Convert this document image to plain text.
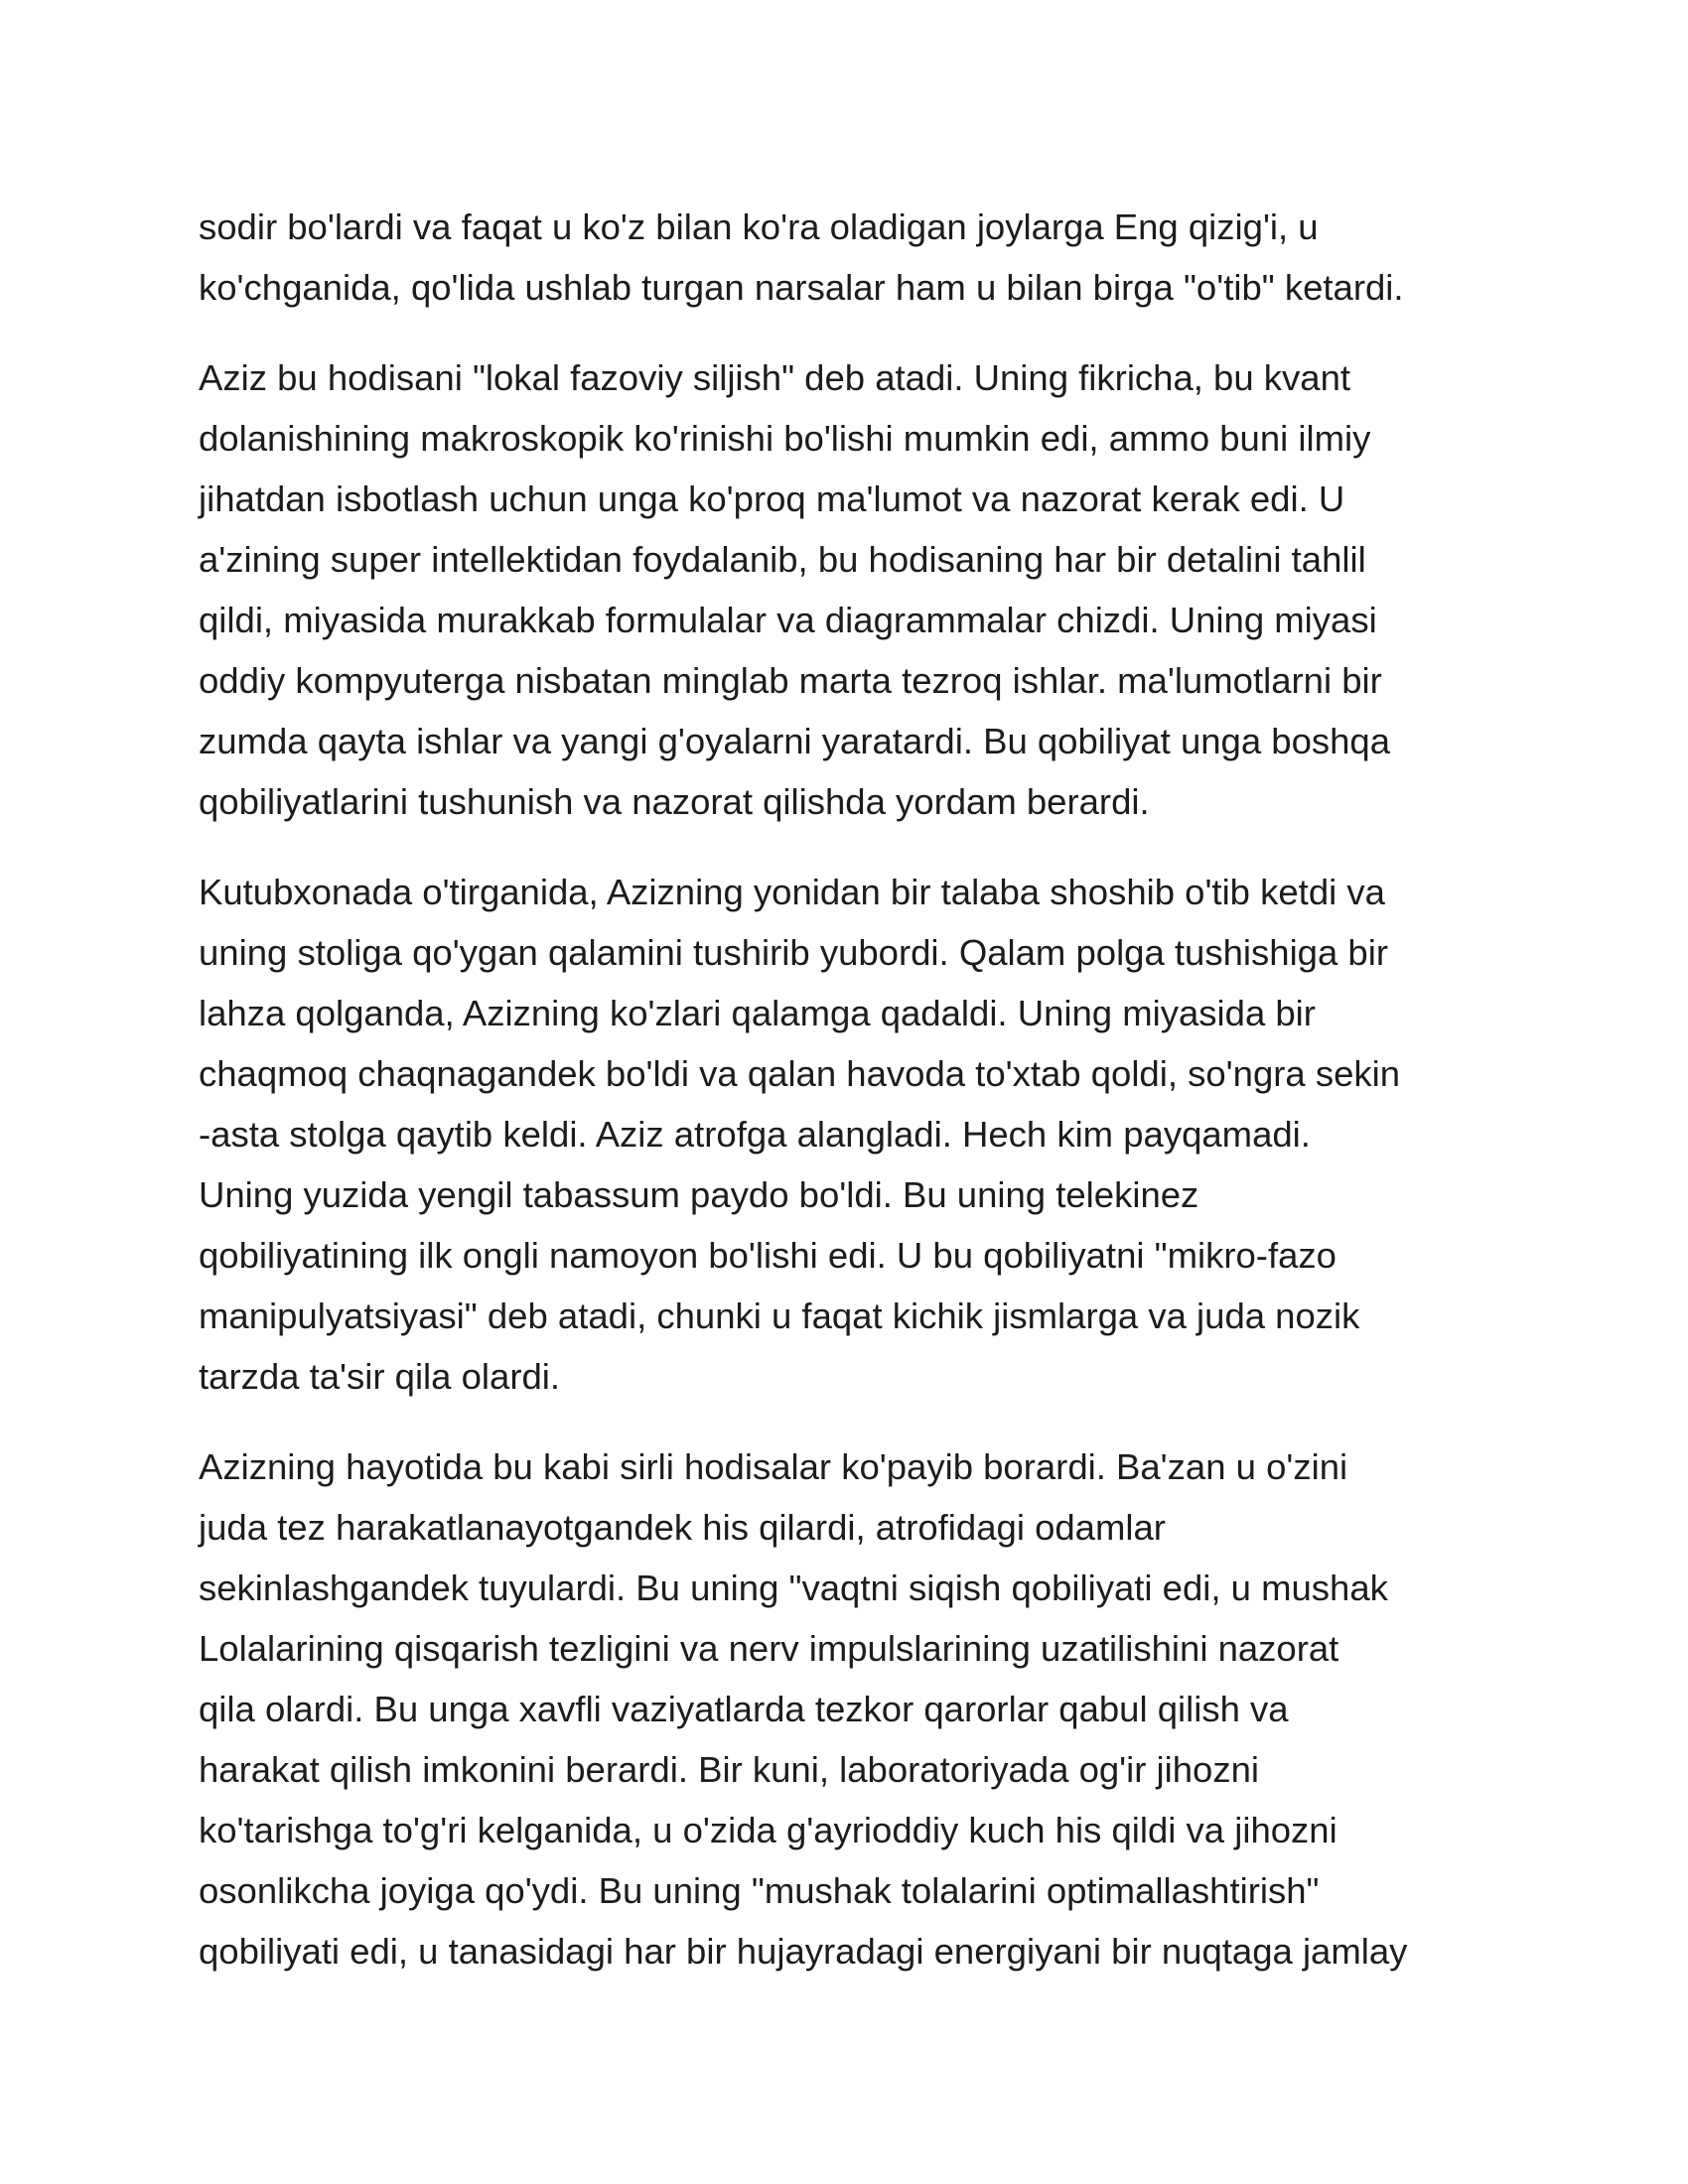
sodir bo'lardi va faqat u ko'z bilan ko'ra oladigan joylarga Eng qizig'i, u
ko'chganida, qo'lida ushlab turgan narsalar ham u bilan birga "o'tib" ketardi.

Aziz bu hodisani "lokal fazoviy siljish" deb atadi. Uning fikricha, bu kvant
dolanishining makroskopik ko'rinishi bo'lishi mumkin edi, ammo buni ilmiy
jihatdan isbotlash uchun unga ko'proq ma'lumot va nazorat kerak edi. U
a'zining super intellektidan foydalanib, bu hodisaning har bir detalini tahlil
qildi, miyasida murakkab formulalar va diagrammalar chizdi. Uning miyasi
oddiy kompyuterga nisbatan minglab marta tezroq ishlar. ma'lumotlarni bir
zumda qayta ishlar va yangi g'oyalarni yaratardi. Bu qobiliyat unga boshqa
qobiliyatlarini tushunish va nazorat qilishda yordam berardi.

Kutubxonada o'tirganida, Azizning yonidan bir talaba shoshib o'tib ketdi va
uning stoliga qo'ygan qalamini tushirib yubordi. Qalam polga tushishiga bir
lahza qolganda, Azizning ko'zlari qalamga qadaldi. Uning miyasida bir
chaqmoq chaqnagandek bo'ldi va qalan havoda to'xtab qoldi, so'ngra sekin
-asta stolga qaytib keldi. Aziz atrofga alangladi. Hech kim payqamadi.
Uning yuzida yengil tabassum paydo bo'ldi. Bu uning telekinez
qobiliyatining ilk ongli namoyon bo'lishi edi. U bu qobiliyatni "mikro-fazo
manipulyatsiyasi" deb atadi, chunki u faqat kichik jismlarga va juda nozik
tarzda ta'sir qila olardi.

Azizning hayotida bu kabi sirli hodisalar ko'payib borardi. Ba'zan u o'zini
juda tez harakatlanayotgandek his qilardi, atrofidagi odamlar
sekinlashgandek tuyulardi. Bu uning "vaqtni siqish qobiliyati edi, u mushak
Lolalarining qisqarish tezligini va nerv impulslarining uzatilishini nazorat
qila olardi. Bu unga xavfli vaziyatlarda tezkor qarorlar qabul qilish va
harakat qilish imkonini berardi. Bir kuni, laboratoriyada og'ir jihozni
ko'tarishga to'g'ri kelganida, u o'zida g'ayrioddiy kuch his qildi va jihozni
osonlikcha joyiga qo'ydi. Bu uning "mushak tolalarini optimallashtirish"
qobiliyati edi, u tanasidagi har bir hujayradagi energiyani bir nuqtaga jamlay
